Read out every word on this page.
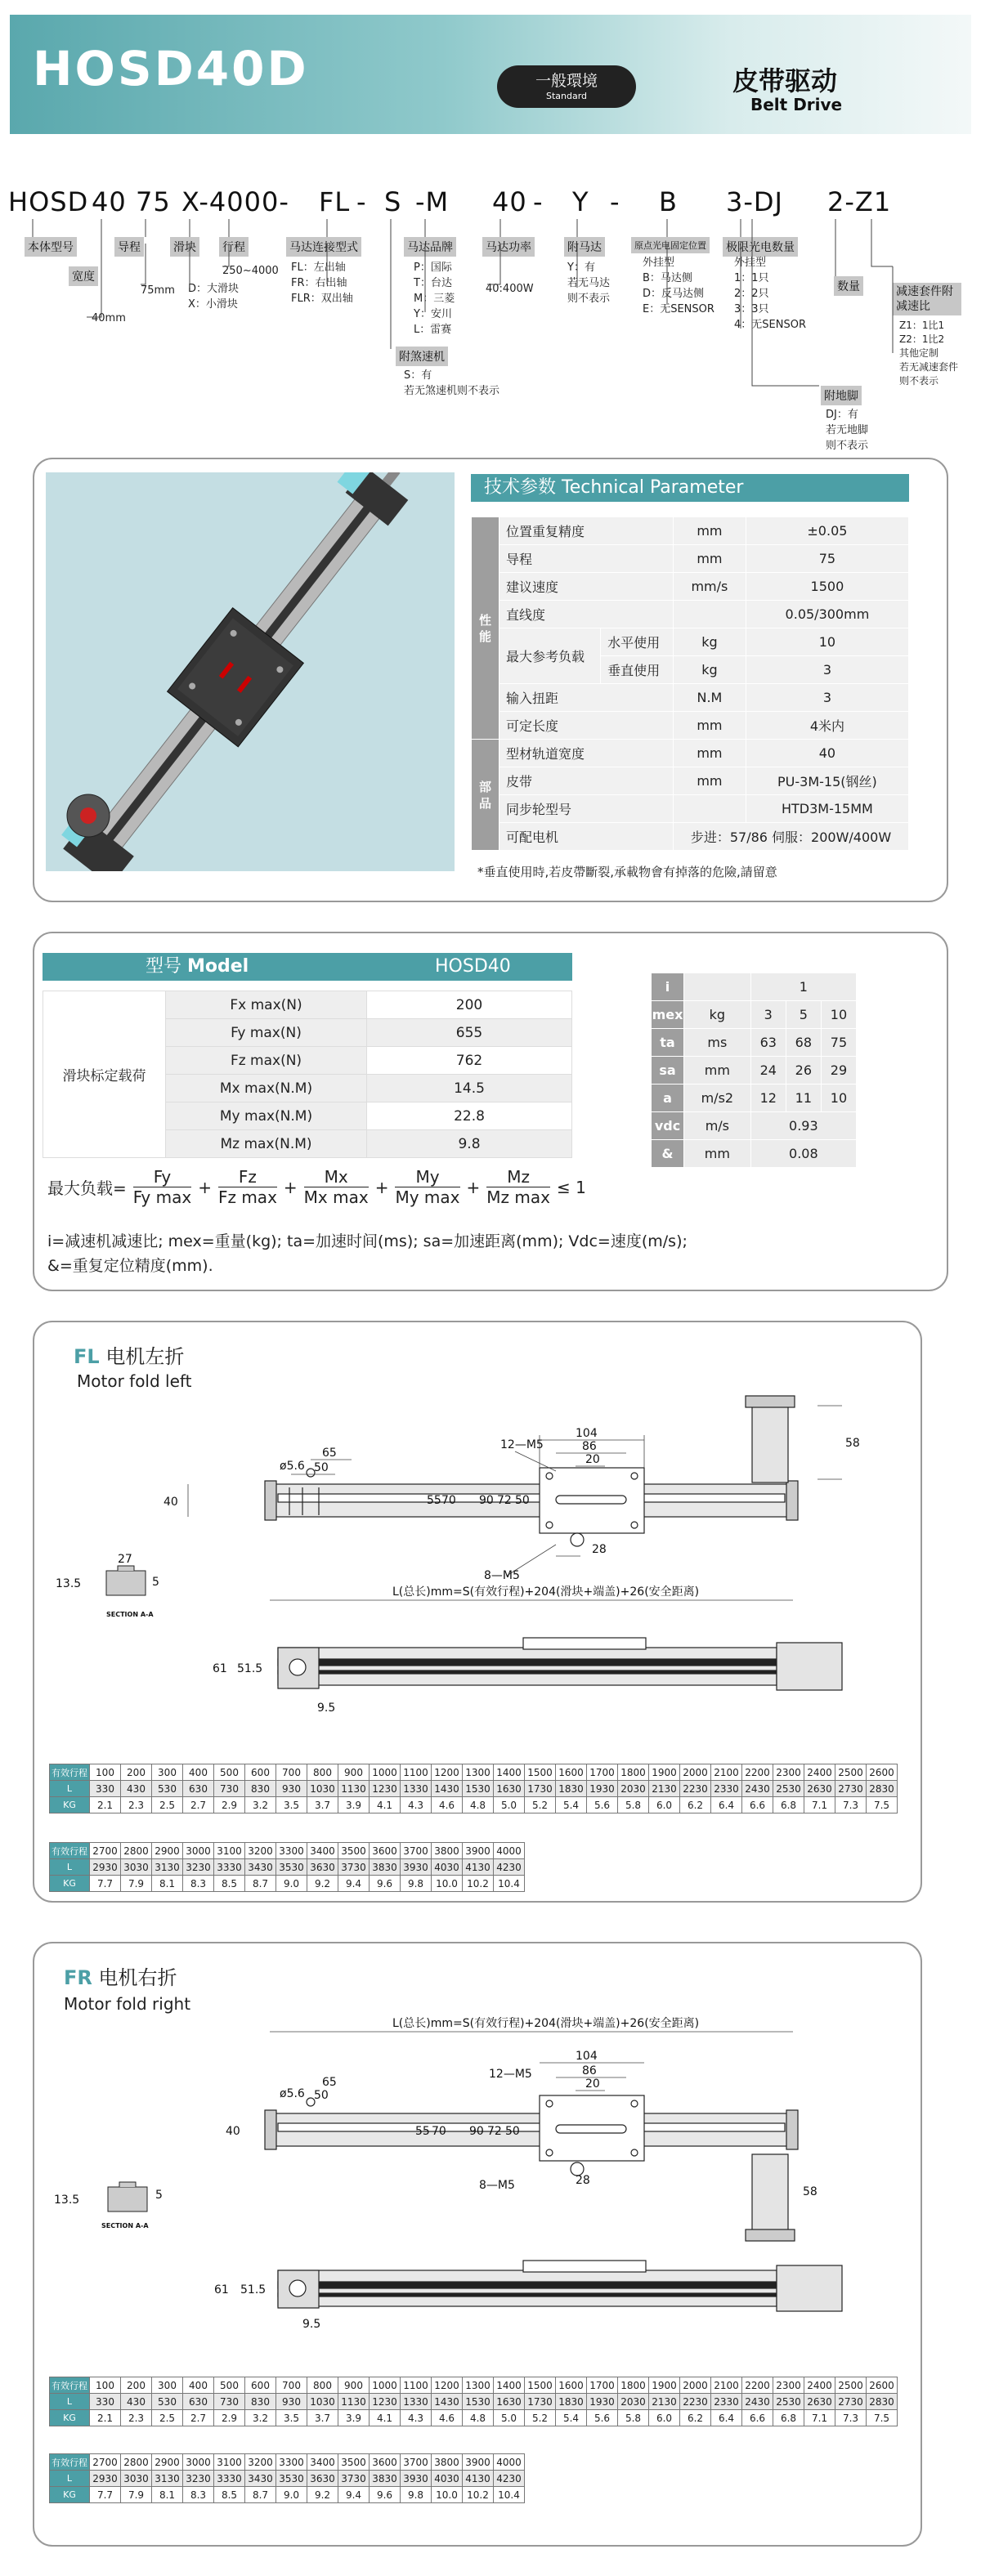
HOSD40D	一般環境
Standard	皮带驱动
Belt Drive
HOSD 40 75 X-4000- FL - S -M 40 - Y - B 3-DJ 2-Z1
本体型号
宽度
40mm
导程
75mm
滑块
D：大滑块
X：小滑块
行程
250~4000
马达连接型式
FL：左出轴
FR：右出轴
FLR：双出轴
马达品牌
P：国际
T：台达
M：三菱
Y：安川
L：雷赛
马达功率
40:400W
附马达
Y：有
若无马达
则不表示
附煞速机
S：有
若无煞速机则不表示
原点光电固定位置
外挂型
B：马达侧
D：反马达侧
E：无SENSOR
极限光电数量
外挂型
1：1只
2：2只
3：3只
4：无SENSOR
附地脚
DJ：有
若无地脚
则不表示
数量	减速套件附减速比
Z1：1比1
Z2：1比2
其他定制
若无减速套件
则不表示
技术参数 Technical Parameter
性能	位置重复精度		mm	±0.05
	导程		mm	75
	建议速度		mm/s	1500
	直线度			0.05/300mm
	最大参考负载	水平使用	kg	10
		垂直使用	kg	3
	输入扭距		N.M	3
	可定长度		mm	4米内
部品	型材轨道宽度		mm	40
	皮带		mm	PU-3M-15(钢丝)
	同步轮型号			HTD3M-15MM
	可配电机		步进：57/86 伺服：200W/400W	
*垂直使用時,若皮帶斷裂,承載物會有掉落的危險,請留意
型号 Model	HOSD40
滑块标定载荷	Fx max(N)	200
	Fy max(N)	655
	Fz max(N)	762
	Mx max(N.M)	14.5
	My max(N.M)	22.8
	Mz max(N.M)	9.8
i		1		
mex	kg	3	5	10
ta	ms	63	68	75
sa	mm	24	26	29
a	m/s2	12	11	10
vdc	m/s	0.93		
&	mm	0.08		
最大负载=
Fy
Fy max
+
Fz
Fz max
+
Mx
Mx max
+
My
My max
+
Mz
Mz max
≤ 1
i=减速机减速比; mex=重量(kg); ta=加速时间(ms); sa=加速距离(mm); Vdc=速度(m/s);
&=重复定位精度(mm).
FL 电机左折
Motor fold left
104
86
20
65
50
ø5.6
12—M5
8—M5
28
58
40	55 70 90 72 50
L(总长)mm=S(有效行程)+204(滑块+端盖)+26(安全距离)
27
13.5	5
SECTION A-A
61 51.5
9.5
有效行程	100	200	300	400	500	600	700	800	900	1000	1100	1200	1300	1400	1500	1600	1700	1800	1900	2000	2100	2200	2300	2400	2500	2600
L	330	430	530	630	730	830	930	1030	1130	1230	1330	1430	1530	1630	1730	1830	1930	2030	2130	2230	2330	2430	2530	2630	2730	2830
KG	2.1	2.3	2.5	2.7	2.9	3.2	3.5	3.7	3.9	4.1	4.3	4.6	4.8	5.0	5.2	5.4	5.6	5.8	6.0	6.2	6.4	6.6	6.8	7.1	7.3	7.5
有效行程	2700	2800	2900	3000	3100	3200	3300	3400	3500	3600	3700	3800	3900	4000
L	2930	3030	3130	3230	3330	3430	3530	3630	3730	3830	3930	4030	4130	4230
KG	7.7	7.9	8.1	8.3	8.5	8.7	9.0	9.2	9.4	9.6	9.8	10.0	10.2	10.4
FR 电机右折
Motor fold right
L(总长)mm=S(有效行程)+204(滑块+端盖)+26(安全距离)
104
86
20
65
50
ø5.6
12—M5
8—M5	28
58
40	55 70 90 72 50
13.5	5
SECTION A-A
61 51.5
9.5
有效行程	100	200	300	400	500	600	700	800	900	1000	1100	1200	1300	1400	1500	1600	1700	1800	1900	2000	2100	2200	2300	2400	2500	2600
L	330	430	530	630	730	830	930	1030	1130	1230	1330	1430	1530	1630	1730	1830	1930	2030	2130	2230	2330	2430	2530	2630	2730	2830
KG	2.1	2.3	2.5	2.7	2.9	3.2	3.5	3.7	3.9	4.1	4.3	4.6	4.8	5.0	5.2	5.4	5.6	5.8	6.0	6.2	6.4	6.6	6.8	7.1	7.3	7.5
有效行程	2700	2800	2900	3000	3100	3200	3300	3400	3500	3600	3700	3800	3900	4000
L	2930	3030	3130	3230	3330	3430	3530	3630	3730	3830	3930	4030	4130	4230
KG	7.7	7.9	8.1	8.3	8.5	8.7	9.0	9.2	9.4	9.6	9.8	10.0	10.2	10.4
